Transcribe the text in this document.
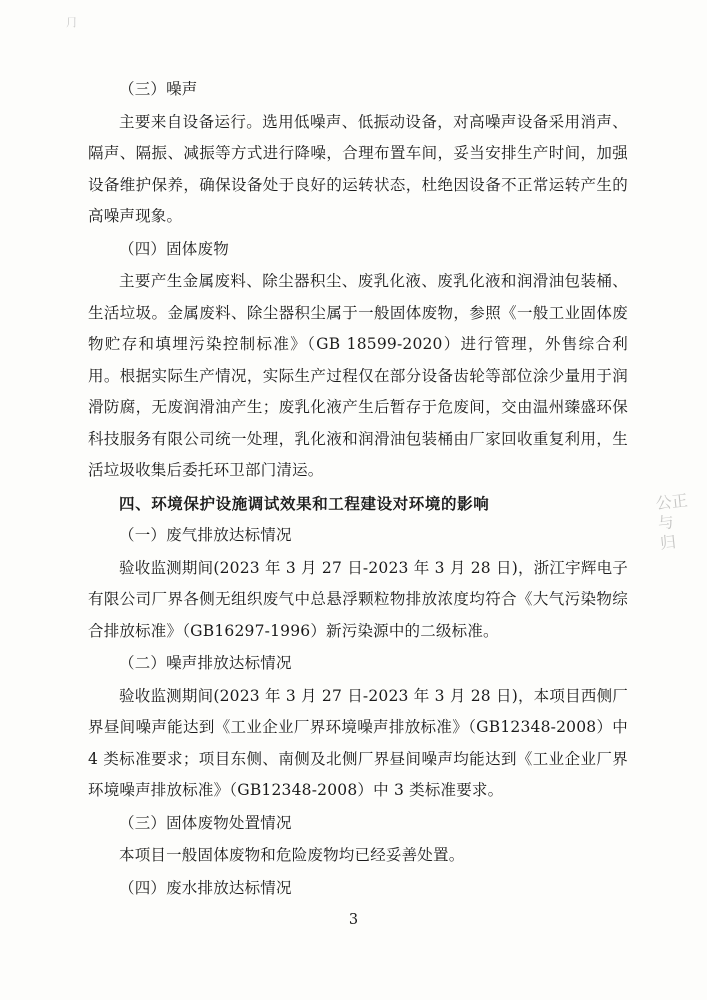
⺆
公正 与 归

（三）噪声

主要来自设备运行。选用低噪声、低振动设备，对高噪声设备采用消声、隔声、隔振、减振等方式进行降噪，合理布置车间，妥当安排生产时间，加强设备维护保养，确保设备处于良好的运转状态，杜绝因设备不正常运转产生的高噪声现象。

（四）固体废物

主要产生金属废料、除尘器积尘、废乳化液、废乳化液和润滑油包装桶、生活垃圾。金属废料、除尘器积尘属于一般固体废物，参照《一般工业固体废物贮存和填埋污染控制标准》（GB 18599-2020）进行管理，外售综合利用。根据实际生产情况，实际生产过程仅在部分设备齿轮等部位涂少量用于润滑防腐，无废润滑油产生；废乳化液产生后暂存于危废间，交由温州臻盛环保科技服务有限公司统一处理，乳化液和润滑油包装桶由厂家回收重复利用，生活垃圾收集后委托环卫部门清运。

四、环境保护设施调试效果和工程建设对环境的影响

（一）废气排放达标情况

验收监测期间(2023 年 3 月 27 日-2023 年 3 月 28 日)，浙江宇辉电子有限公司厂界各侧无组织废气中总悬浮颗粒物排放浓度均符合《大气污染物综合排放标准》（GB16297-1996）新污染源中的二级标准。

（二）噪声排放达标情况

验收监测期间(2023 年 3 月 27 日-2023 年 3 月 28 日)，本项目西侧厂界昼间噪声能达到《工业企业厂界环境噪声排放标准》（GB12348-2008）中 4 类标准要求；项目东侧、南侧及北侧厂界昼间噪声均能达到《工业企业厂界环境噪声排放标准》（GB12348-2008）中 3 类标准要求。

（三）固体废物处置情况

本项目一般固体废物和危险废物均已经妥善处置。

（四）废水排放达标情况

3
